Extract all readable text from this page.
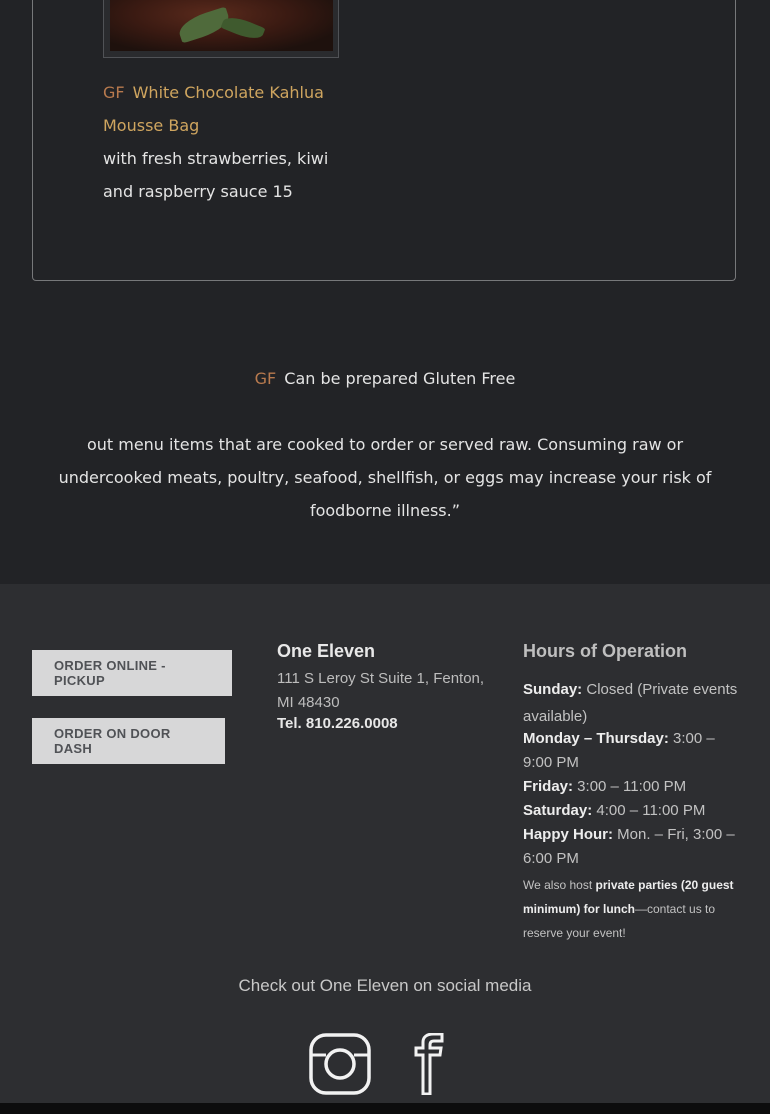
GF White Chocolate Kahlua Mousse Bag
with fresh strawberries, kiwi and raspberry sauce 15
GF Can be prepared Gluten Free
out menu items that are cooked to order or served raw. Consuming raw or undercooked meats, poultry, seafood, shellfish, or eggs may increase your risk of foodborne illness.”
ORDER ONLINE - PICKUP
ORDER ON DOOR DASH
One Eleven
111 S Leroy St Suite 1, Fenton, MI 48430
Tel. 810.226.0008
Hours of Operation
Sunday: Closed (Private events available)
Monday – Thursday: 3:00 – 9:00 PM
Friday: 3:00 – 11:00 PM
Saturday: 4:00 – 11:00 PM
Happy Hour: Mon. – Fri, 3:00 – 6:00 PM
We also host private parties (20 guest minimum) for lunch—contact us to reserve your event!
Check out One Eleven on social media
